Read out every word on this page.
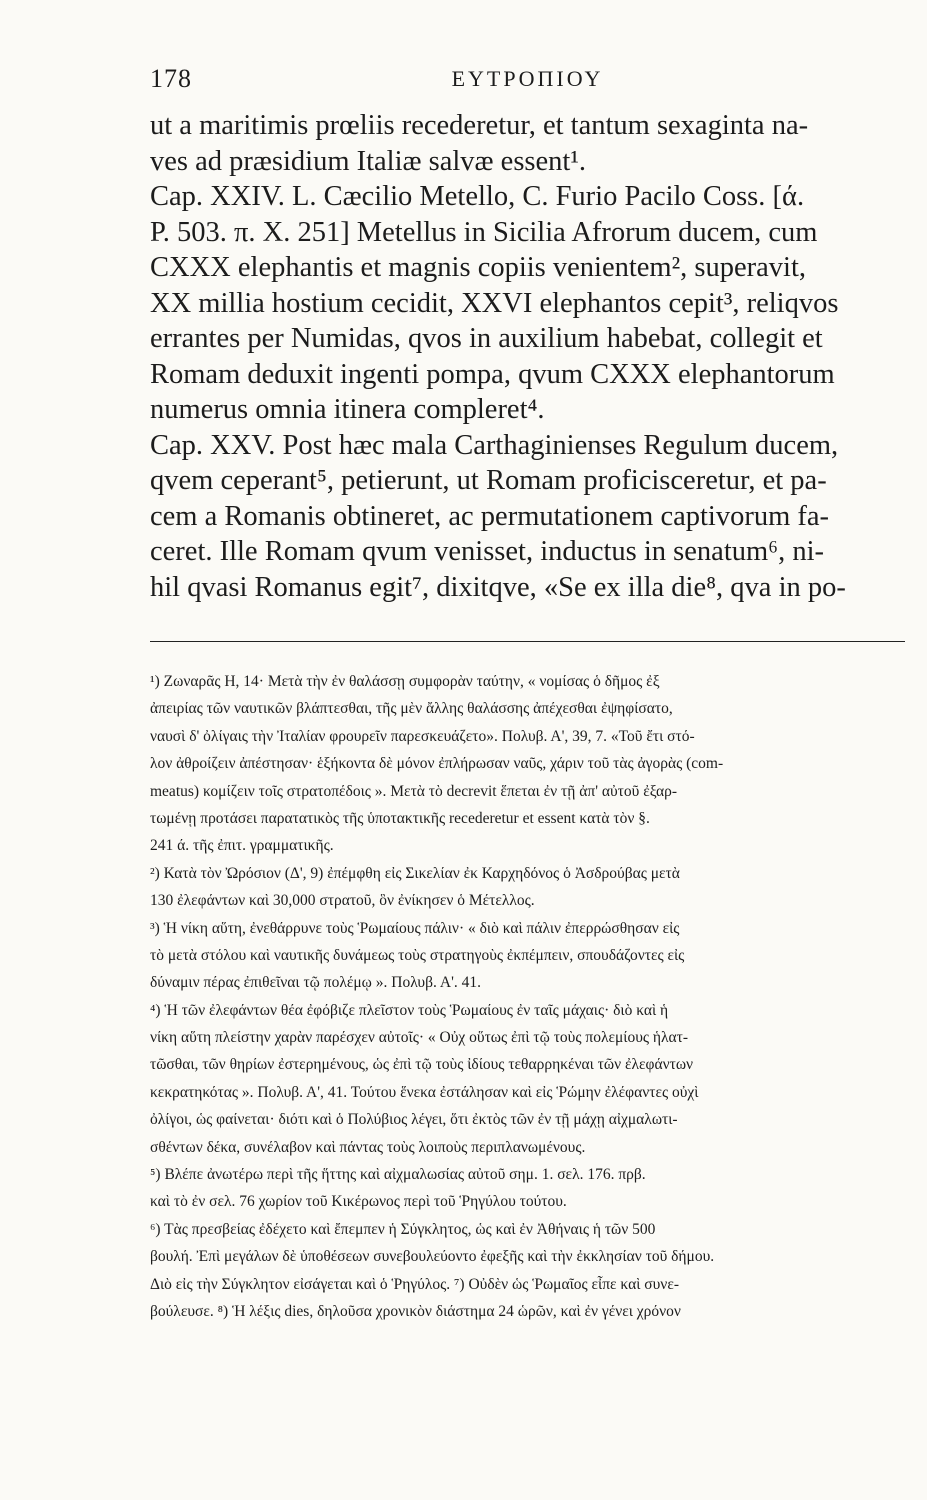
178	ΕΥΤΡΟΠΙΟΥ
ut a maritimis prœliis recederetur, et tantum sexaginta na-
ves ad præsidium Italiæ salvæ essent¹.
Cap. XXIV. L. Cæcilio Metello, C. Furio Pacilo Coss. [ά.
Ρ. 503. π. Χ. 251] Metellus in Sicilia Afrorum ducem, cum
CXXX elephantis et magnis copiis venientem², superavit,
XX millia hostium cecidit, XXVI elephantos cepit³, reliqvos
errantes per Numidas, qvos in auxilium habebat, collegit et
Romam deduxit ingenti pompa, qvum CXXX elephantorum
numerus omnia itinera compleret⁴.
Cap. XXV. Post hæc mala Carthaginienses Regulum ducem,
qvem ceperant⁵, petierunt, ut Romam proficisceretur, et pa-
cem a Romanis obtineret, ac permutationem captivorum fa-
ceret. Ille Romam qvum venisset, inductus in senatum⁶, ni-
hil qvasi Romanus egit⁷, dixitqve, «Se ex illa die⁸, qva in po-
¹) Ζωναρᾶς Η, 14· Μετὰ τὴν ἐν θαλάσσῃ συμφορὰν ταύτην, « νομίσας ὁ δῆμος ἐξ
ἀπειρίας τῶν ναυτικῶν βλάπτεσθαι, τῆς μὲν ἄλλης θαλάσσης ἀπέχεσθαι ἐψηφίσατο,
ναυσὶ δ' ὀλίγαις τὴν Ἰταλίαν φρουρεῖν παρεσκευάζετο». Πολυβ. Α', 39, 7. «Τοῦ ἔτι στό-
λον ἀθροίζειν ἀπέστησαν· ἑξήκοντα δὲ μόνον ἐπλήρωσαν ναῦς, χάριν τοῦ τὰς ἀγορὰς (com-
meatus) κομίζειν τοῖς στρατοπέδοις ». Μετὰ τὸ decrevit ἕπεται ἐν τῇ ἀπ' αὐτοῦ ἐξαρ-
τωμένῃ προτάσει παρατατικὸς τῆς ὑποτακτικῆς recederetur et essent κατὰ τὸν §.
241 ά. τῆς ἐπιτ. γραμματικῆς.
²) Κατὰ τὸν Ὠρόσιον (Δ', 9) ἐπέμφθη εἰς Σικελίαν ἐκ Καρχηδόνος ὁ Ἀσδρούβας μετὰ
130 ἐλεφάντων καὶ 30,000 στρατοῦ, ὃν ἐνίκησεν ὁ Μέτελλος.
³) Ἡ νίκη αὕτη, ἐνεθάρρυνε τοὺς Ῥωμαίους πάλιν· « διὸ καὶ πάλιν ἐπερρώσθησαν εἰς
τὸ μετὰ στόλου καὶ ναυτικῆς δυνάμεως τοὺς στρατηγοὺς ἐκπέμπειν, σπουδάζοντες εἰς
δύναμιν πέρας ἐπιθεῖναι τῷ πολέμῳ ». Πολυβ. Α'. 41.
⁴) Ἡ τῶν ἐλεφάντων θέα ἐφόβιζε πλεῖστον τοὺς Ῥωμαίους ἐν ταῖς μάχαις· διὸ καὶ ἡ
νίκη αὕτη πλείστην χαρὰν παρέσχεν αὐτοῖς· « Οὐχ οὕτως ἐπὶ τῷ τοὺς πολεμίους ἡλατ-
τῶσθαι, τῶν θηρίων ἐστερημένους, ὡς ἐπὶ τῷ τοὺς ἰδίους τεθαρρηκέναι τῶν ἐλεφάντων
κεκρατηκότας ». Πολυβ. Α', 41. Τούτου ἕνεκα ἐστάλησαν καὶ εἰς Ῥώμην ἐλέφαντες οὐχὶ
ὀλίγοι, ὡς φαίνεται· διότι καὶ ὁ Πολύβιος λέγει, ὅτι ἐκτὸς τῶν ἐν τῇ μάχῃ αἰχμαλωτι-
σθέντων δέκα, συνέλαβον καὶ πάντας τοὺς λοιποὺς περιπλανωμένους.
⁵) Βλέπε ἀνωτέρω περὶ τῆς ἥττης καὶ αἰχμαλωσίας αὐτοῦ σημ. 1. σελ. 176. πρβ.
καὶ τὸ ἐν σελ. 76 χωρίον τοῦ Κικέρωνος περὶ τοῦ Ῥηγύλου τούτου.
⁶) Τὰς πρεσβείας ἐδέχετο καὶ ἔπεμπεν ἡ Σύγκλητος, ὡς καὶ ἐν Ἀθήναις ἡ τῶν 500
βουλή. Ἐπὶ μεγάλων δὲ ὑποθέσεων συνεβουλεύοντο ἐφεξῆς καὶ τὴν ἐκκλησίαν τοῦ δήμου.
Διὸ εἰς τὴν Σύγκλητον εἰσάγεται καὶ ὁ Ῥηγύλος. ⁷) Οὐδὲν ὡς Ῥωμαῖος εἶπε καὶ συνε-
βούλευσε. ⁸) Ἡ λέξις dies, δηλοῦσα χρονικὸν διάστημα 24 ὡρῶν, καὶ ἐν γένει χρόνον
